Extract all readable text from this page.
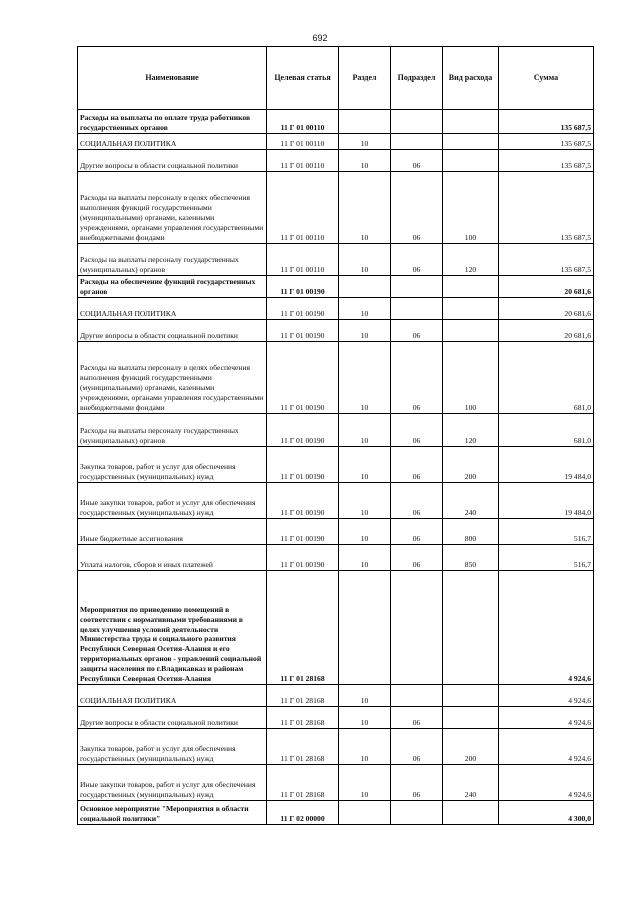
692
Наименование	Целевая статья	Раздел	Подраздел	Вид расхода	Сумма
Расходы на выплаты по оплате труда работников государственных органов	11 Г 01 00110				135 687,5
СОЦИАЛЬНАЯ ПОЛИТИКА	11 Г 01 00110	10			135 687,5
Другие вопросы в области социальной политики	11 Г 01 00110	10	06		135 687,5
Расходы на выплаты персоналу в целях обеспечения выполнения функций государственными (муниципальными) органами, казенными учреждениями, органами управления государственными внебюджетными фондами	11 Г 01 00110	10	06	100	135 687,5
Расходы на выплаты персоналу государственных (муниципальных) органов	11 Г 01 00110	10	06	120	135 687,5
Расходы на обеспечение функций государственных органов	11 Г 01 00190				20 681,6
СОЦИАЛЬНАЯ ПОЛИТИКА	11 Г 01 00190	10			20 681,6
Другие вопросы в области социальной политики	11 Г 01 00190	10	06		20 681,6
Расходы на выплаты персоналу в целях обеспечения выполнения функций государственными (муниципальными) органами, казенными учреждениями, органами управления государственными внебюджетными фондами	11 Г 01 00190	10	06	100	681,0
Расходы на выплаты персоналу государственных (муниципальных) органов	11 Г 01 00190	10	06	120	681,0
Закупка товаров, работ и услуг для обеспечения государственных (муниципальных) нужд	11 Г 01 00190	10	06	200	19 484,0
Иные закупки товаров, работ и услуг для обеспечения государственных (муниципальных) нужд	11 Г 01 00190	10	06	240	19 484,0
Иные бюджетные ассигнования	11 Г 01 00190	10	06	800	516,7
Уплата налогов, сборов и иных платежей	11 Г 01 00190	10	06	850	516,7
Мероприятия по приведению помещений в соответствии с нормативными требованиями в целях улучшения условий деятельности Министерства труда и социального развития Республики Северная Осетия-Алания и его территориальных органов - управлений социальной защиты населения по г.Владикавказ и районам Республики Северная Осетия-Алания	11 Г 01 28168				4 924,6
СОЦИАЛЬНАЯ ПОЛИТИКА	11 Г 01 28168	10			4 924,6
Другие вопросы в области социальной политики	11 Г 01 28168	10	06		4 924,6
Закупка товаров, работ и услуг для обеспечения государственных (муниципальных) нужд	11 Г 01 28168	10	06	200	4 924,6
Иные закупки товаров, работ и услуг для обеспечения государственных (муниципальных) нужд	11 Г 01 28168	10	06	240	4 924,6
Основное мероприятие "Мероприятия в области социальной политики"	11 Г 02 00000				4 300,0
